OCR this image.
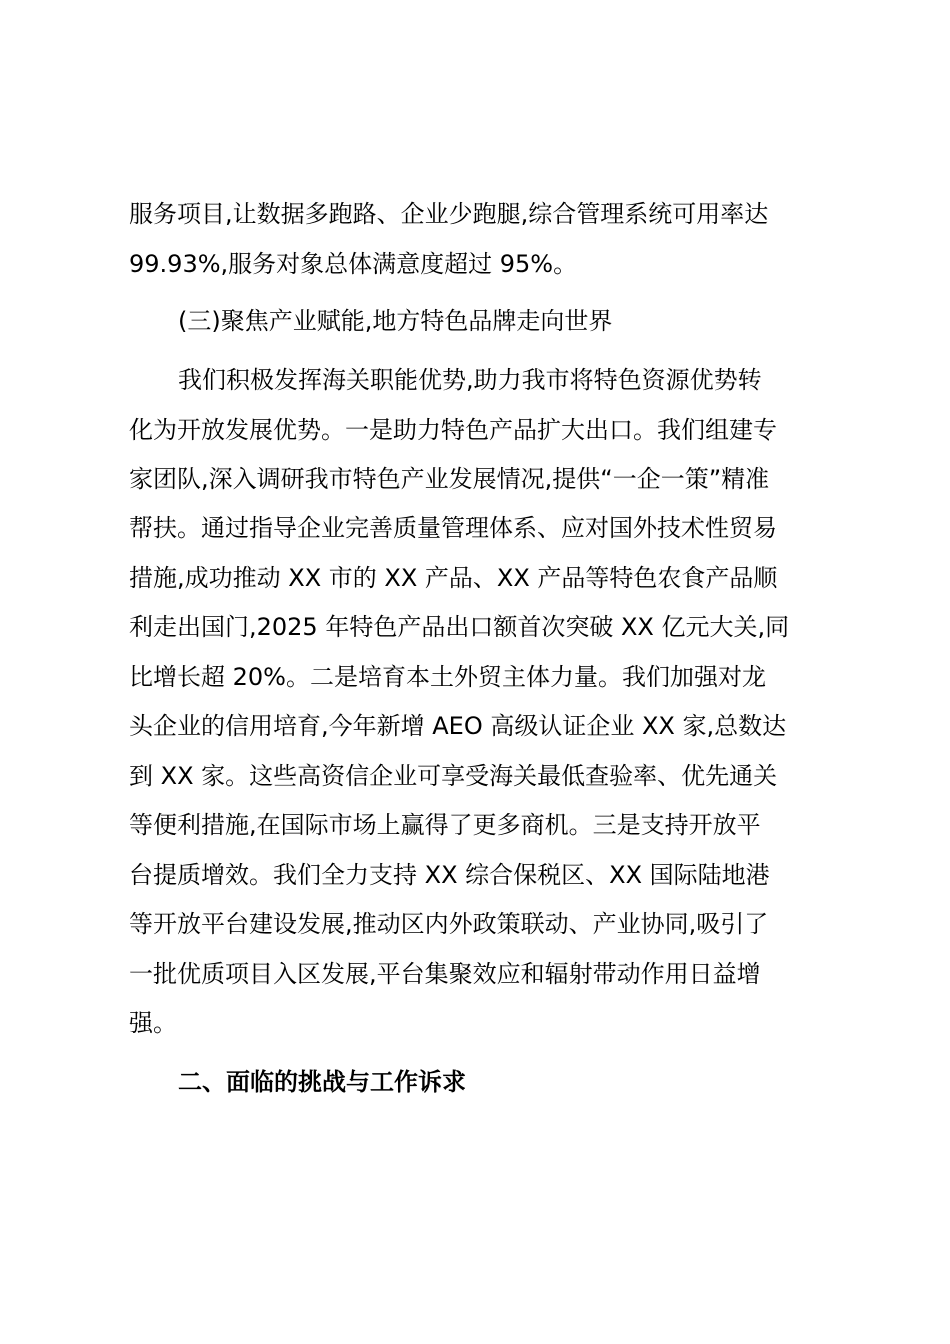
服务项目,让数据多跑路、企业少跑腿,综合管理系统可用率达
99.93%,服务对象总体满意度超过 95%。
(三)聚焦产业赋能,地方特色品牌走向世界
我们积极发挥海关职能优势,助力我市将特色资源优势转
化为开放发展优势。一是助力特色产品扩大出口。我们组建专
家团队,深入调研我市特色产业发展情况,提供“一企一策”精准
帮扶。通过指导企业完善质量管理体系、应对国外技术性贸易
措施,成功推动 XX 市的 XX 产品、XX 产品等特色农食产品顺
利走出国门,2025 年特色产品出口额首次突破 XX 亿元大关,同
比增长超 20%。二是培育本土外贸主体力量。我们加强对龙
头企业的信用培育,今年新增 AEO 高级认证企业 XX 家,总数达
到 XX 家。这些高资信企业可享受海关最低查验率、优先通关
等便利措施,在国际市场上赢得了更多商机。三是支持开放平
台提质增效。我们全力支持 XX 综合保税区、XX 国际陆地港
等开放平台建设发展,推动区内外政策联动、产业协同,吸引了
一批优质项目入区发展,平台集聚效应和辐射带动作用日益增
强。
二、面临的挑战与工作诉求
